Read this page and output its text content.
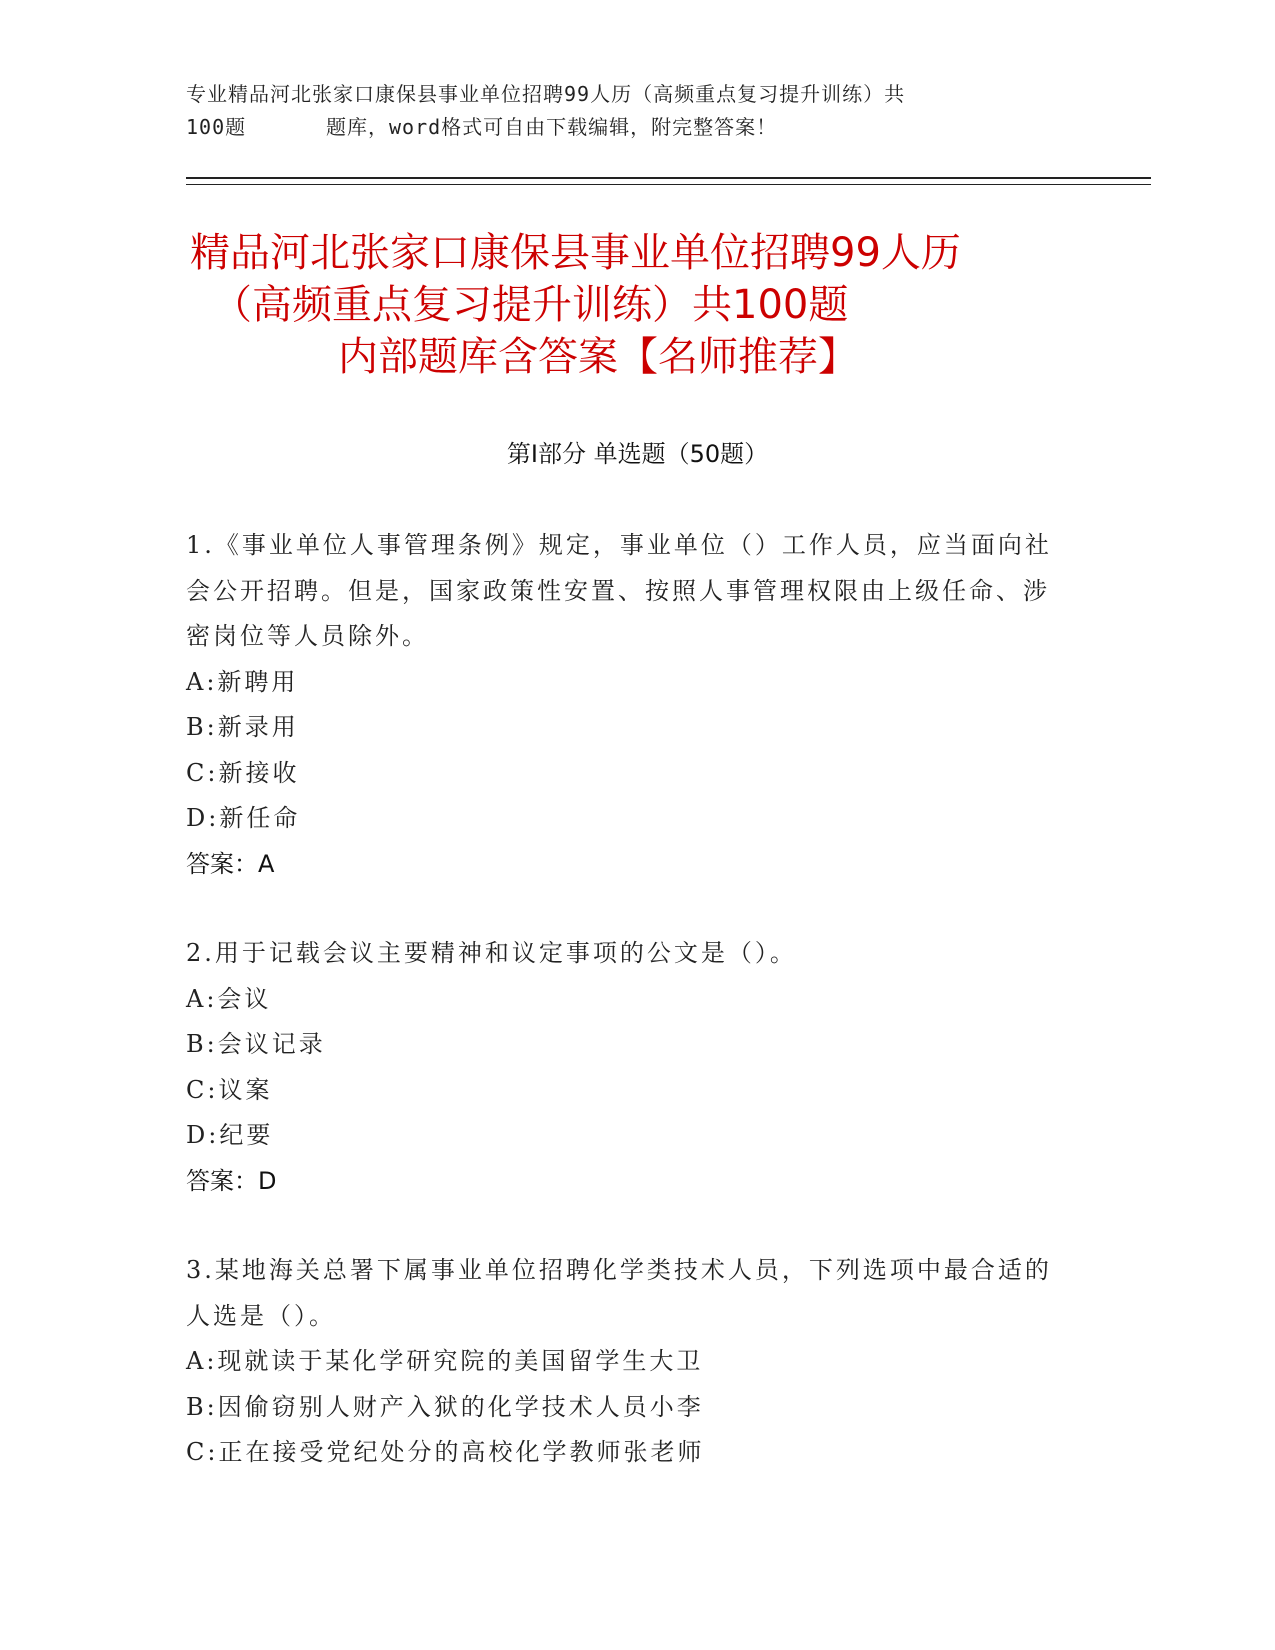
专业精品河北张家口康保县事业单位招聘99人历（高频重点复习提升训练）共
100题	题库，word格式可自由下载编辑，附完整答案！
精品河北张家口康保县事业单位招聘99人历
（高频重点复习提升训练）共100题
内部题库含答案【名师推荐】
第I部分 单选题（50题）
1.《事业单位人事管理条例》规定，事业单位（）工作人员，应当面向社会公开招聘。但是，国家政策性安置、按照人事管理权限由上级任命、涉密岗位等人员除外。
A:新聘用
B:新录用
C:新接收
D:新任命
答案：A
2.用于记载会议主要精神和议定事项的公文是（）。
A:会议
B:会议记录
C:议案
D:纪要
答案：D
3.某地海关总署下属事业单位招聘化学类技术人员，下列选项中最合适的人选是（）。
A:现就读于某化学研究院的美国留学生大卫
B:因偷窃别人财产入狱的化学技术人员小李
C:正在接受党纪处分的高校化学教师张老师
